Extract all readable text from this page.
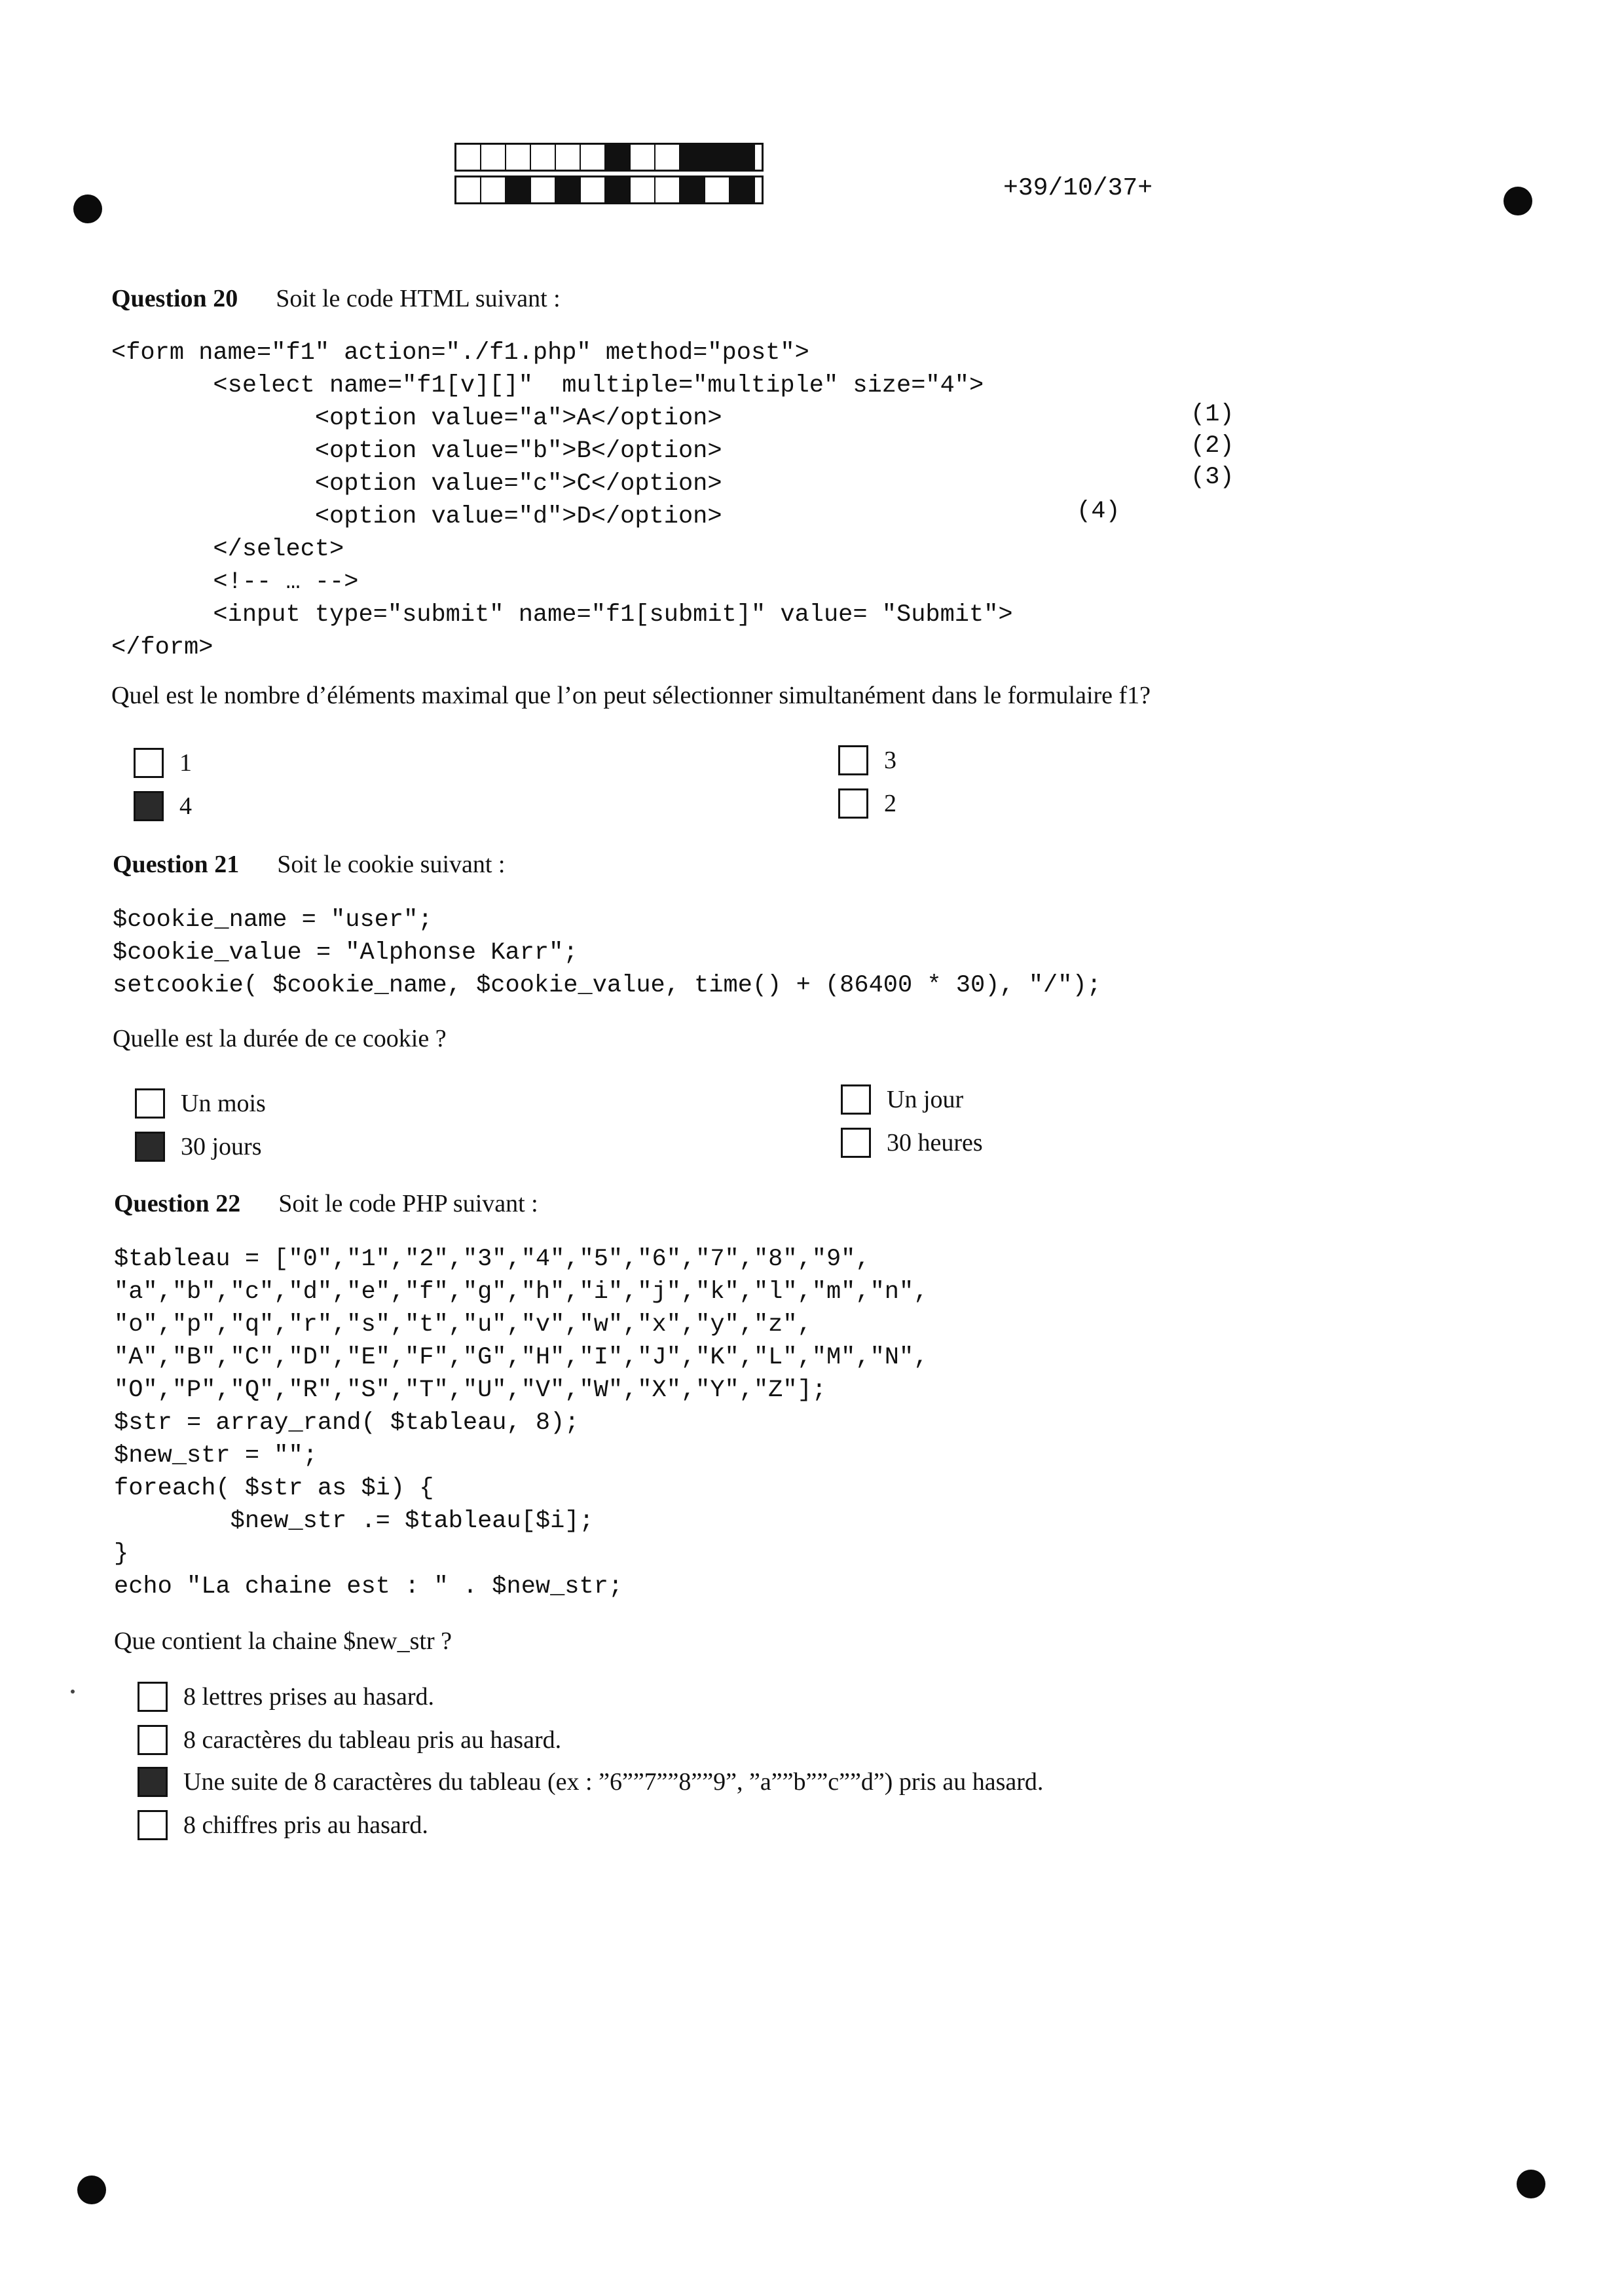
+39/10/37+
Question 20 Soit le code HTML suivant :
<form name="f1" action="./f1.php" method="post">
<select name="f1[v][]"  multiple="multiple" size="4">
<option value="a">A</option>
<option value="b">B</option>
<option value="c">C</option>
<option value="d">D</option>
</select>
<!-- … -->
<input type="submit" name="f1[submit]" value= "Submit">
</form>
(1)
(2)
(3)
(4)
Quel est le nombre d’éléments maximal que l’on peut sélectionner simultanément dans le formulaire f1?
1
4
3
2
Question 21 Soit le cookie suivant :
$cookie_name = "user";
$cookie_value = "Alphonse Karr";
setcookie( $cookie_name, $cookie_value, time() + (86400 * 30), "/");
Quelle est la durée de ce cookie ?
Un mois
30 jours
Un jour
30 heures
Question 22 Soit le code PHP suivant :
$tableau = ["0","1","2","3","4","5","6","7","8","9",
"a","b","c","d","e","f","g","h","i","j","k","l","m","n",
"o","p","q","r","s","t","u","v","w","x","y","z",
"A","B","C","D","E","F","G","H","I","J","K","L","M","N",
"O","P","Q","R","S","T","U","V","W","X","Y","Z"];
$str = array_rand( $tableau, 8);
$new_str = "";
foreach( $str as $i) {
$new_str .= $tableau[$i];
}
echo "La chaine est : " . $new_str;
Que contient la chaine $new_str ?
8 lettres prises au hasard.
8 caractères du tableau pris au hasard.
Une suite de 8 caractères du tableau (ex : ”6””7””8””9”, ”a””b””c””d”) pris au hasard.
8 chiffres pris au hasard.
